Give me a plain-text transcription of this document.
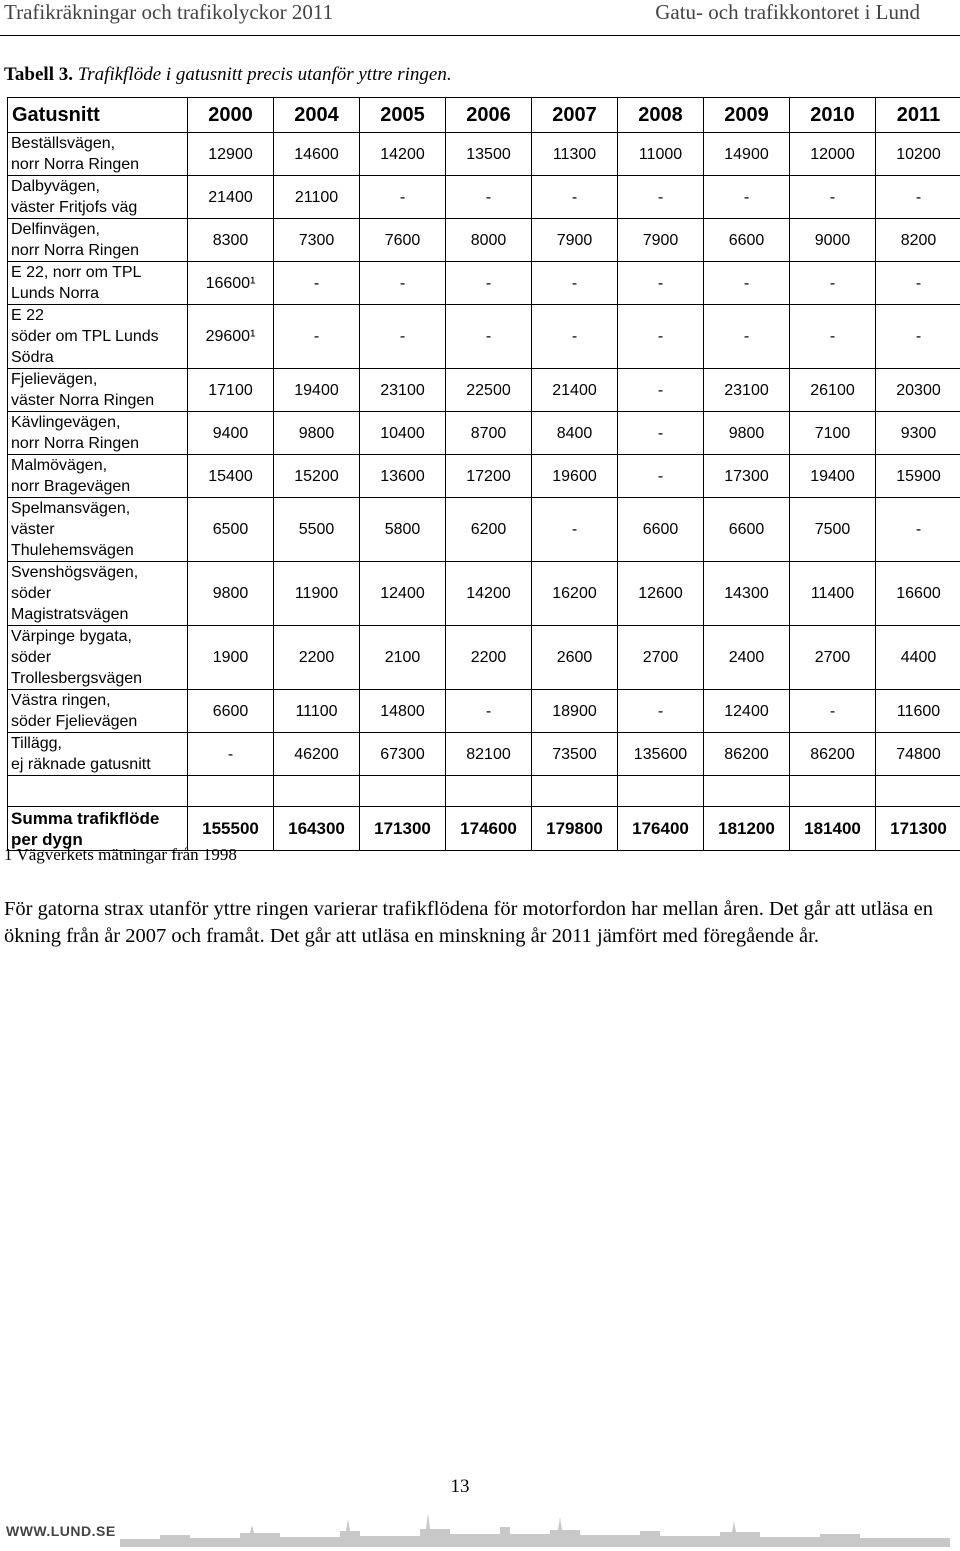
Trafikräkningar och trafikolyckor 2011	Gatu- och trafikkontoret i Lund
Tabell 3. Trafikflöde i gatusnitt precis utanför yttre ringen.
Gatusnitt	2000	2004	2005	2006	2007	2008	2009	2010	2011
Beställsvägen,
norr Norra Ringen	12900	14600	14200	13500	11300	11000	14900	12000	10200
Dalbyvägen,
väster Fritjofs väg	21400	21100	-	-	-	-	-	-	-
Delfinvägen,
norr Norra Ringen	8300	7300	7600	8000	7900	7900	6600	9000	8200
E 22, norr om TPL
Lunds Norra	16600¹	-	-	-	-	-	-	-	-
E 22
söder om TPL Lunds
Södra	29600¹	-	-	-	-	-	-	-	-
Fjelievägen,
väster Norra Ringen	17100	19400	23100	22500	21400	-	23100	26100	20300
Kävlingevägen,
norr Norra Ringen	9400	9800	10400	8700	8400	-	9800	7100	9300
Malmövägen,
norr Bragevägen	15400	15200	13600	17200	19600	-	17300	19400	15900
Spelmansvägen,
väster
Thulehemsvägen	6500	5500	5800	6200	-	6600	6600	7500	-
Svenshögsvägen,
söder
Magistratsvägen	9800	11900	12400	14200	16200	12600	14300	11400	16600
Värpinge bygata,
söder
Trollesbergsvägen	1900	2200	2100	2200	2600	2700	2400	2700	4400
Västra ringen,
söder Fjelievägen	6600	11100	14800	-	18900	-	12400	-	11600
Tillägg,
ej räknade gatusnitt	-	46200	67300	82100	73500	135600	86200	86200	74800

Summa trafikflöde
per dygn	155500	164300	171300	174600	179800	176400	181200	181400	171300
1 Vägverkets mätningar från 1998
För gatorna strax utanför yttre ringen varierar trafikflödena för motorfordon har mellan åren. Det går att utläsa en ökning från år 2007 och framåt. Det går att utläsa en minskning år 2011 jämfört med föregående år.
13
WWW.LUND.SE
